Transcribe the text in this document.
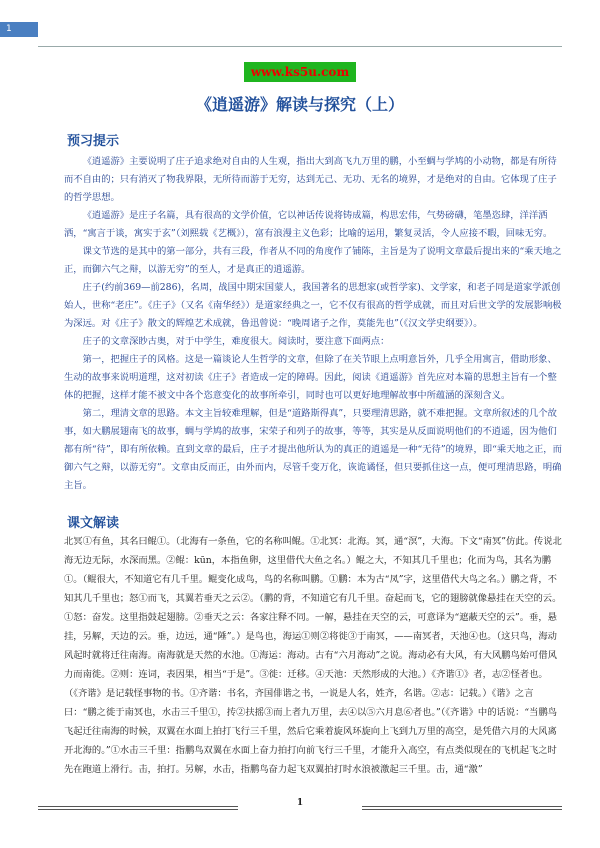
1
www.ks5u.com
《逍遥游》解读与探究（上）
预习提示

《逍遥游》主要说明了庄子追求绝对自由的人生观，指出大到高飞九万里的鹏，小至蜩与学鸠的小动物，都是有所待而不自由的；只有消灭了物我界限，无所待而游于无穷，达到无己、无功、无名的境界，才是绝对的自由。它体现了庄子的哲学思想。

《逍遥游》是庄子名篇，具有很高的文学价值，它以神话传说将铸成篇，构思宏伟，气势磅礴，笔墨恣肆，洋洋洒洒，“寓言于谈，寓实于玄”（刘熙载《艺概》），富有浪漫主义色彩；比喻的运用，繁复灵活，令人应接不暇，回味无穷。

课文节选的是其中的第一部分，共有三段，作者从不同的角度作了铺陈，主旨是为了说明文章最后提出来的“乘天地之正，而御六气之辩，以游无穷”的至人，才是真正的逍遥游。

庄子(约前369—前286)，名周，战国中期宋国蒙人，我国著名的思想家(或哲学家)、文学家，和老子同是道家学派创始人，世称“老庄”。《庄子》（又名《南华经》）是道家经典之一，它不仅有很高的哲学成就，而且对后世文学的发展影响极为深远。对《庄子》散文的辉煌艺术成就，鲁迅曾说：“晚周诸子之作，莫能先也”（《汉文学史纲要》）。

庄子的文章深眇古奥，对于中学生，难度很大。阅读时，要注意下面两点：

第一，把握庄子的风格。这是一篇谈论人生哲学的文章，但除了在关节眼上点明意旨外，几乎全用寓言，借助形象、生动的故事来说明道理，这对初读《庄子》者造成一定的障碍。因此，阅读《逍遥游》首先应对本篇的思想主旨有一个整体的把握，这样才能不被文中各个恣意变化的故事所牵引，同时也可以更好地理解故事中所蕴涵的深刻含义。

第二，理清文章的思路。本文主旨较难理解，但是“道路斯得真”，只要理清思路，就不难把握。文章所叙述的几个故事，如大鹏展翅南飞的故事，蜩与学鸠的故事，宋荣子和列子的故事，等等，其实是从反面说明他们的不逍遥，因为他们都有所“待”，即有所依赖。直到文章的最后，庄子才提出他所认为的真正的逍遥是一种“无待”的境界，即“乘天地之正，而御六气之辩，以游无穷”。文章由反而正，由外而内，尽管千变万化，诙诡谲怪，但只要抓住这一点，便可理清思路，明确主旨。

课文解读
北冥①有鱼，其名曰鲲①。（北海有一条鱼，它的名称叫鲲。①北冥：北海。冥，通“溟”，大海。下文“南冥”仿此。传说北海无边无际，水深而黑。②鲲：kūn，本指鱼卵，这里借代大鱼之名。）鲲之大，不知其几千里也；化而为鸟，其名为鹏①。（鲲很大，不知道它有几千里。鲲变化成鸟，鸟的名称叫鹏。①鹏：本为古“凤”字，这里借代大鸟之名。）鹏之背，不知其几千里也；怒①而飞，其翼若垂天之云②。（鹏的背，不知道它有几千里。奋起而飞，它的翅膀就像悬挂在天空的云。①怒：奋发。这里指鼓起翅膀。②垂天之云：各家注释不同。一解，悬挂在天空的云，可意译为“遮蔽天空的云”。垂，悬挂，另解，天边的云。垂，边远，通“陲”。）是鸟也，海运①则②将徙③于南冥，——南冥者，天池④也。（这只鸟，海动风起时就将迁往南海。南海就是天然的水池。①海运：海动。古有“六月海动”之说。海动必有大风，有大风鹏鸟始可借风力而南徙。②则：连词，表因果，相当“于是”。③徙：迁移。④天池：天然形成的大池。）《齐谐①》者，志②怪者也。（《齐谐》是记载怪事物的书。①齐谐：书名，齐国俳谐之书，一说是人名，姓齐，名谐。②志：记载。）《谐》之言曰：“鹏之徙于南冥也，水击三千里①，抟②扶摇③而上者九万里，去④以⑤六月息⑥者也。”（《齐谐》中的话说：“当鹏鸟飞起迁往南海的时候，双翼在水面上拍打飞行三千里，然后它乘着旋风环旋向上飞到九万里的高空，是凭借六月的大风离开北海的。”①水击三千里：指鹏鸟双翼在水面上奋力拍打向前飞行三千里，才能升入高空，有点类似现在的飞机起飞之时先在跑道上滑行。击，拍打。另解，水击，指鹏鸟奋力起飞双翼拍打时水浪被激起三千里。击，通“激”
1
